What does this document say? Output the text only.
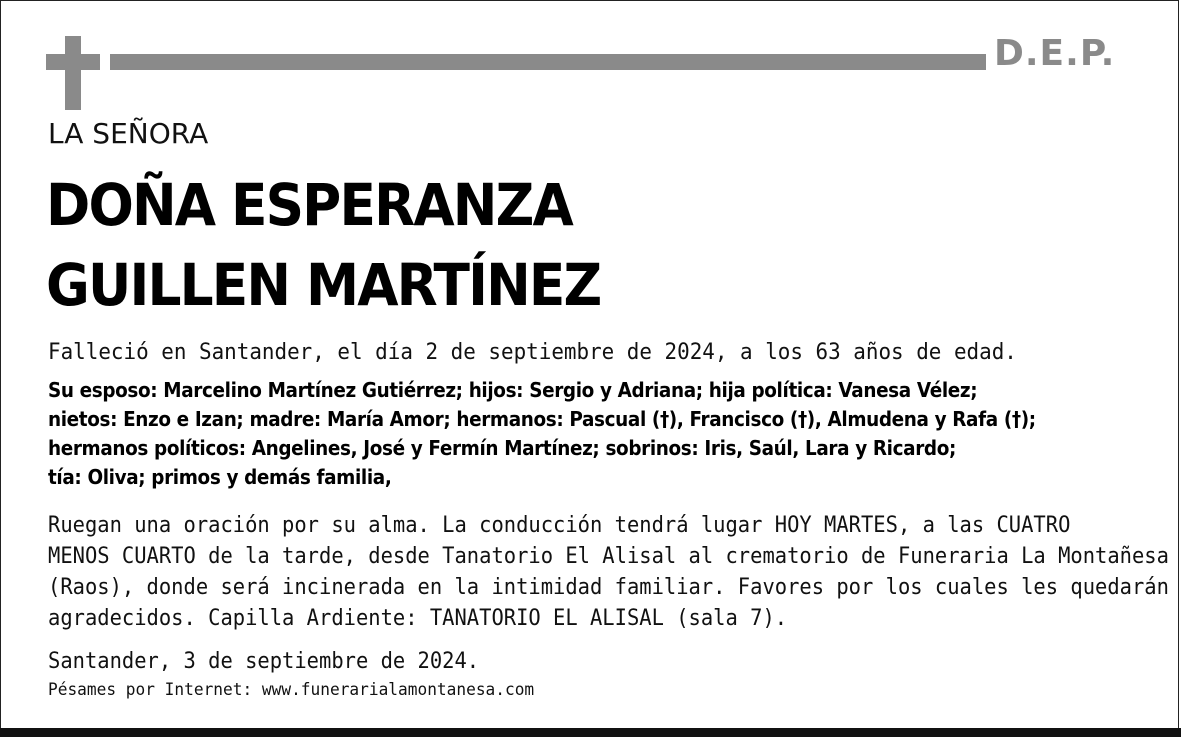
D.E.P.
LA SEÑORA
DOÑA ESPERANZA
GUILLEN MARTÍNEZ
Falleció en Santander, el día 2 de septiembre de 2024, a los 63 años de edad.
Su esposo: Marcelino Martínez Gutiérrez; hijos: Sergio y Adriana; hija política: Vanesa Vélez;
nietos: Enzo e Izan; madre: María Amor; hermanos: Pascual (†), Francisco (†), Almudena y Rafa (†);
hermanos políticos: Angelines, José y Fermín Martínez; sobrinos: Iris, Saúl, Lara y Ricardo;
tía: Oliva; primos y demás familia,
Ruegan una oración por su alma. La conducción tendrá lugar HOY MARTES, a las CUATRO
MENOS CUARTO de la tarde, desde Tanatorio El Alisal al crematorio de Funeraria La Montañesa
(Raos), donde será incinerada en la intimidad familiar. Favores por los cuales les quedarán
agradecidos. Capilla Ardiente: TANATORIO EL ALISAL (sala 7).
Santander, 3 de septiembre de 2024.
Pésames por Internet: www.funerarialamontanesa.com
